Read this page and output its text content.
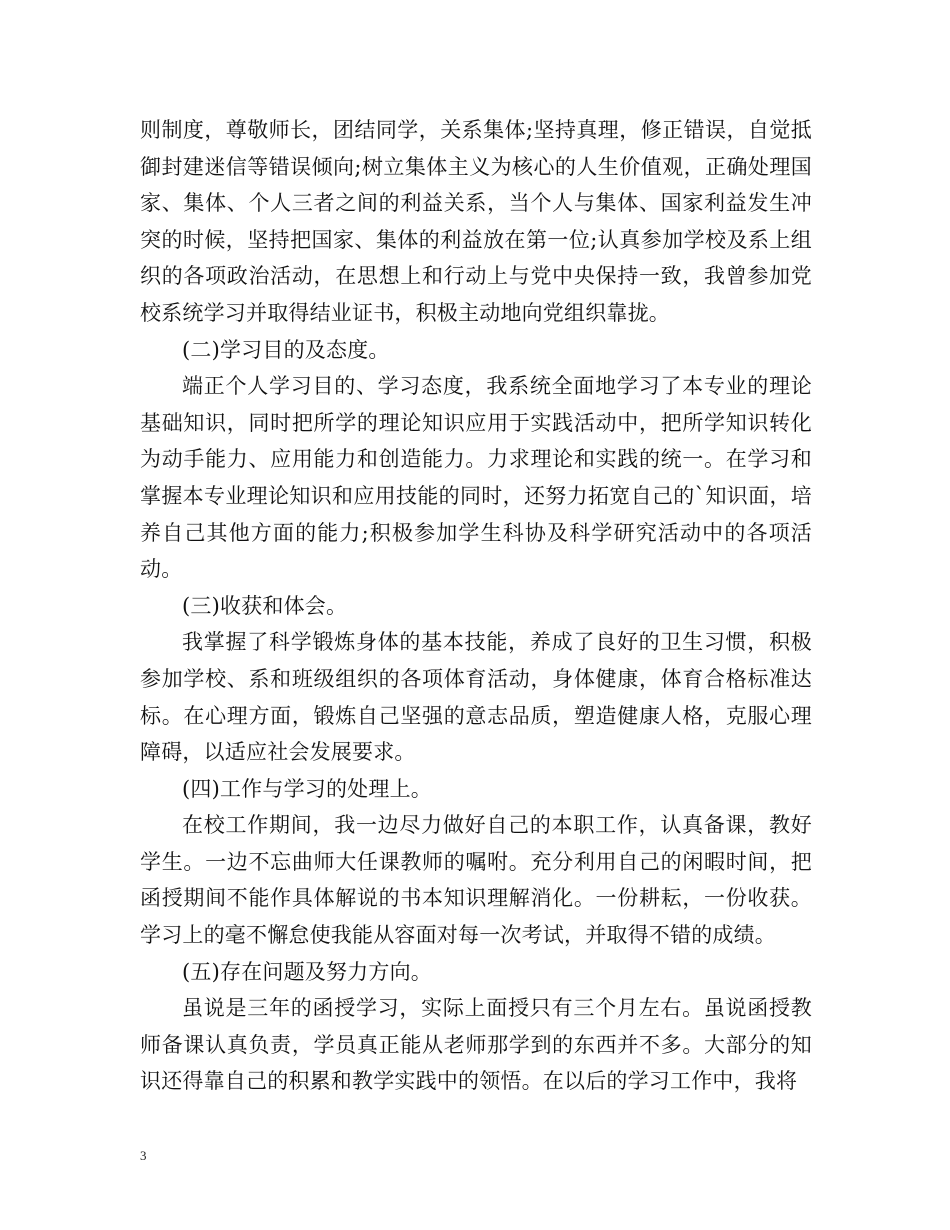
则制度，尊敬师长，团结同学，关系集体;坚持真理，修正错误，自觉抵御封建迷信等错误倾向;树立集体主义为核心的人生价值观，正确处理国家、集体、个人三者之间的利益关系，当个人与集体、国家利益发生冲突的时候，坚持把国家、集体的利益放在第一位;认真参加学校及系上组织的各项政治活动，在思想上和行动上与党中央保持一致，我曾参加党校系统学习并取得结业证书，积极主动地向党组织靠拢。

(二)学习目的及态度。

端正个人学习目的、学习态度，我系统全面地学习了本专业的理论基础知识，同时把所学的理论知识应用于实践活动中，把所学知识转化为动手能力、应用能力和创造能力。力求理论和实践的统一。在学习和掌握本专业理论知识和应用技能的同时，还努力拓宽自己的`知识面，培养自己其他方面的能力;积极参加学生科协及科学研究活动中的各项活动。

(三)收获和体会。

我掌握了科学锻炼身体的基本技能，养成了良好的卫生习惯，积极参加学校、系和班级组织的各项体育活动，身体健康，体育合格标准达标。在心理方面，锻炼自己坚强的意志品质，塑造健康人格，克服心理障碍，以适应社会发展要求。

(四)工作与学习的处理上。

在校工作期间，我一边尽力做好自己的本职工作，认真备课，教好学生。一边不忘曲师大任课教师的嘱咐。充分利用自己的闲暇时间，把函授期间不能作具体解说的书本知识理解消化。一份耕耘，一份收获。学习上的毫不懈怠使我能从容面对每一次考试，并取得不错的成绩。

(五)存在问题及努力方向。

虽说是三年的函授学习，实际上面授只有三个月左右。虽说函授教师备课认真负责，学员真正能从老师那学到的东西并不多。大部分的知识还得靠自己的积累和教学实践中的领悟。在以后的学习工作中，我将

3
